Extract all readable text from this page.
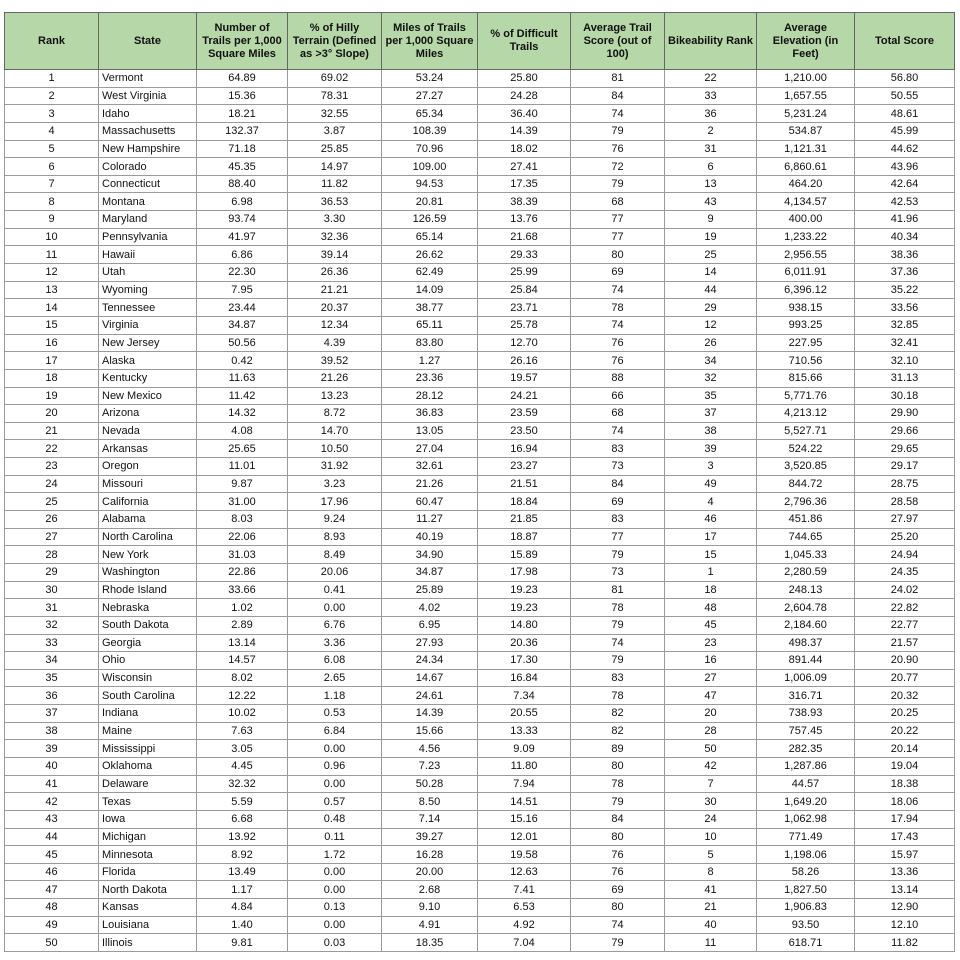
Rank	State	Number of Trails per 1,000 Square Miles	% of Hilly Terrain (Defined as >3° Slope)	Miles of Trails per 1,000 Square Miles	% of Difficult Trails	Average Trail Score (out of 100)	Bikeability Rank	Average Elevation (in Feet)	Total Score
1	Vermont	64.89	69.02	53.24	25.80	81	22	1,210.00	56.80
2	West Virginia	15.36	78.31	27.27	24.28	84	33	1,657.55	50.55
3	Idaho	18.21	32.55	65.34	36.40	74	36	5,231.24	48.61
4	Massachusetts	132.37	3.87	108.39	14.39	79	2	534.87	45.99
5	New Hampshire	71.18	25.85	70.96	18.02	76	31	1,121.31	44.62
6	Colorado	45.35	14.97	109.00	27.41	72	6	6,860.61	43.96
7	Connecticut	88.40	11.82	94.53	17.35	79	13	464.20	42.64
8	Montana	6.98	36.53	20.81	38.39	68	43	4,134.57	42.53
9	Maryland	93.74	3.30	126.59	13.76	77	9	400.00	41.96
10	Pennsylvania	41.97	32.36	65.14	21.68	77	19	1,233.22	40.34
11	Hawaii	6.86	39.14	26.62	29.33	80	25	2,956.55	38.36
12	Utah	22.30	26.36	62.49	25.99	69	14	6,011.91	37.36
13	Wyoming	7.95	21.21	14.09	25.84	74	44	6,396.12	35.22
14	Tennessee	23.44	20.37	38.77	23.71	78	29	938.15	33.56
15	Virginia	34.87	12.34	65.11	25.78	74	12	993.25	32.85
16	New Jersey	50.56	4.39	83.80	12.70	76	26	227.95	32.41
17	Alaska	0.42	39.52	1.27	26.16	76	34	710.56	32.10
18	Kentucky	11.63	21.26	23.36	19.57	88	32	815.66	31.13
19	New Mexico	11.42	13.23	28.12	24.21	66	35	5,771.76	30.18
20	Arizona	14.32	8.72	36.83	23.59	68	37	4,213.12	29.90
21	Nevada	4.08	14.70	13.05	23.50	74	38	5,527.71	29.66
22	Arkansas	25.65	10.50	27.04	16.94	83	39	524.22	29.65
23	Oregon	11.01	31.92	32.61	23.27	73	3	3,520.85	29.17
24	Missouri	9.87	3.23	21.26	21.51	84	49	844.72	28.75
25	California	31.00	17.96	60.47	18.84	69	4	2,796.36	28.58
26	Alabama	8.03	9.24	11.27	21.85	83	46	451.86	27.97
27	North Carolina	22.06	8.93	40.19	18.87	77	17	744.65	25.20
28	New York	31.03	8.49	34.90	15.89	79	15	1,045.33	24.94
29	Washington	22.86	20.06	34.87	17.98	73	1	2,280.59	24.35
30	Rhode Island	33.66	0.41	25.89	19.23	81	18	248.13	24.02
31	Nebraska	1.02	0.00	4.02	19.23	78	48	2,604.78	22.82
32	South Dakota	2.89	6.76	6.95	14.80	79	45	2,184.60	22.77
33	Georgia	13.14	3.36	27.93	20.36	74	23	498.37	21.57
34	Ohio	14.57	6.08	24.34	17.30	79	16	891.44	20.90
35	Wisconsin	8.02	2.65	14.67	16.84	83	27	1,006.09	20.77
36	South Carolina	12.22	1.18	24.61	7.34	78	47	316.71	20.32
37	Indiana	10.02	0.53	14.39	20.55	82	20	738.93	20.25
38	Maine	7.63	6.84	15.66	13.33	82	28	757.45	20.22
39	Mississippi	3.05	0.00	4.56	9.09	89	50	282.35	20.14
40	Oklahoma	4.45	0.96	7.23	11.80	80	42	1,287.86	19.04
41	Delaware	32.32	0.00	50.28	7.94	78	7	44.57	18.38
42	Texas	5.59	0.57	8.50	14.51	79	30	1,649.20	18.06
43	Iowa	6.68	0.48	7.14	15.16	84	24	1,062.98	17.94
44	Michigan	13.92	0.11	39.27	12.01	80	10	771.49	17.43
45	Minnesota	8.92	1.72	16.28	19.58	76	5	1,198.06	15.97
46	Florida	13.49	0.00	20.00	12.63	76	8	58.26	13.36
47	North Dakota	1.17	0.00	2.68	7.41	69	41	1,827.50	13.14
48	Kansas	4.84	0.13	9.10	6.53	80	21	1,906.83	12.90
49	Louisiana	1.40	0.00	4.91	4.92	74	40	93.50	12.10
50	Illinois	9.81	0.03	18.35	7.04	79	11	618.71	11.82
